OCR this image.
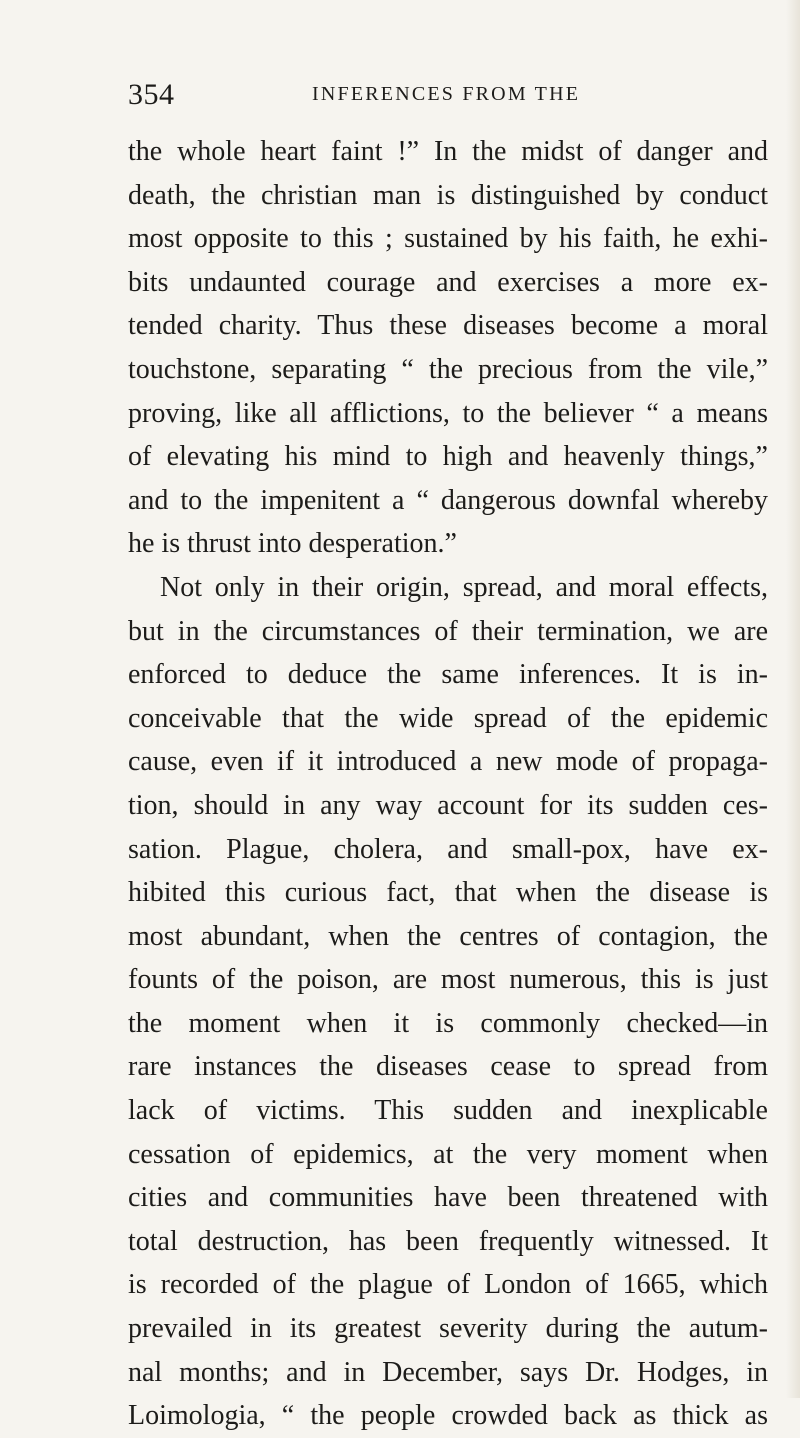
354	INFERENCES FROM THE
the whole heart faint !” In the midst of danger and
death, the christian man is distinguished by conduct
most opposite to this ; sustained by his faith, he exhi-
bits undaunted courage and exercises a more ex-
tended charity. Thus these diseases become a moral
touchstone, separating “ the precious from the vile,”
proving, like all afflictions, to the believer “ a means
of elevating his mind to high and heavenly things,”
and to the impenitent a “ dangerous downfal whereby
he is thrust into desperation.”
Not only in their origin, spread, and moral effects,
but in the circumstances of their termination, we are
enforced to deduce the same inferences. It is in-
conceivable that the wide spread of the epidemic
cause, even if it introduced a new mode of propaga-
tion, should in any way account for its sudden ces-
sation. Plague, cholera, and small-pox, have ex-
hibited this curious fact, that when the disease is
most abundant, when the centres of contagion, the
founts of the poison, are most numerous, this is just
the moment when it is commonly checked—in
rare instances the diseases cease to spread from
lack of victims. This sudden and inexplicable
cessation of epidemics, at the very moment when
cities and communities have been threatened with
total destruction, has been frequently witnessed. It
is recorded of the plague of London of 1665, which
prevailed in its greatest severity during the autum-
nal months; and in December, says Dr. Hodges, in
Loimologia, “ the people crowded back as thick as
